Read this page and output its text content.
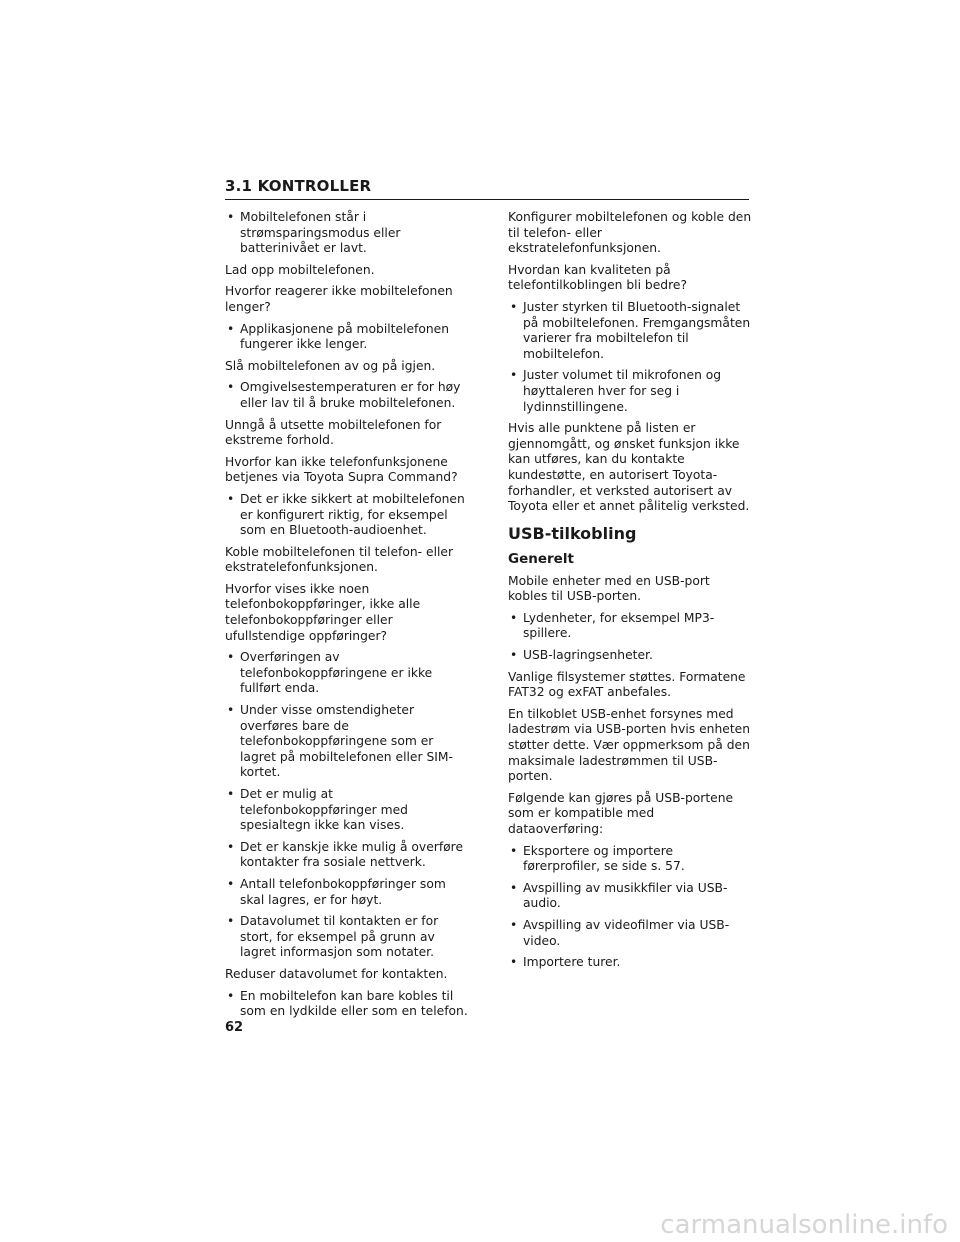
3.1 KONTROLLER
• Mobiltelefonen står i strømsparingsmodus eller batterinivået er lavt.
Lad opp mobiltelefonen.
Hvorfor reagerer ikke mobiltelefonen lenger?
• Applikasjonene på mobiltelefonen fungerer ikke lenger.
Slå mobiltelefonen av og på igjen.
• Omgivelsestemperaturen er for høy eller lav til å bruke mobiltelefonen.
Unngå å utsette mobiltelefonen for ekstreme forhold.
Hvorfor kan ikke telefonfunksjonene betjenes via Toyota Supra Command?
• Det er ikke sikkert at mobiltelefonen er konfigurert riktig, for eksempel som en Bluetooth-audioenhet.
Koble mobiltelefonen til telefon- eller ekstratelefonfunksjonen.
Hvorfor vises ikke noen telefonbokoppføringer, ikke alle telefonbokoppføringer eller ufullstendige oppføringer?
• Overføringen av telefonbokoppføringene er ikke fullført enda.
• Under visse omstendigheter overføres bare de telefonbokoppføringene som er lagret på mobiltelefonen eller SIM-kortet.
• Det er mulig at telefonbokoppføringer med spesialtegn ikke kan vises.
• Det er kanskje ikke mulig å overføre kontakter fra sosiale nettverk.
• Antall telefonbokoppføringer som skal lagres, er for høyt.
• Datavolumet til kontakten er for stort, for eksempel på grunn av lagret informasjon som notater.
Reduser datavolumet for kontakten.
• En mobiltelefon kan bare kobles til som en lydkilde eller som en telefon.
Konfigurer mobiltelefonen og koble den til telefon- eller ekstratelefonfunksjonen.
Hvordan kan kvaliteten på telefontilkoblingen bli bedre?
• Juster styrken til Bluetooth-signalet på mobiltelefonen. Fremgangsmåten varierer fra mobiltelefon til mobiltelefon.
• Juster volumet til mikrofonen og høyttaleren hver for seg i lydinnstillingene.
Hvis alle punktene på listen er gjennomgått, og ønsket funksjon ikke kan utføres, kan du kontakte kundestøtte, en autorisert Toyota-forhandler, et verksted autorisert av Toyota eller et annet pålitelig verksted.
USB-tilkobling
Generelt
Mobile enheter med en USB-port kobles til USB-porten.
• Lydenheter, for eksempel MP3-spillere.
• USB-lagringsenheter.
Vanlige filsystemer støttes. Formatene FAT32 og exFAT anbefales.
En tilkoblet USB-enhet forsynes med ladestrøm via USB-porten hvis enheten støtter dette. Vær oppmerksom på den maksimale ladestrømmen til USB-porten.
Følgende kan gjøres på USB-portene som er kompatible med dataoverføring:
• Eksportere og importere førerprofiler, se side s. 57.
• Avspilling av musikkfiler via USB-audio.
• Avspilling av videofilmer via USB-video.
• Importere turer.
62
carmanualsonline.info
